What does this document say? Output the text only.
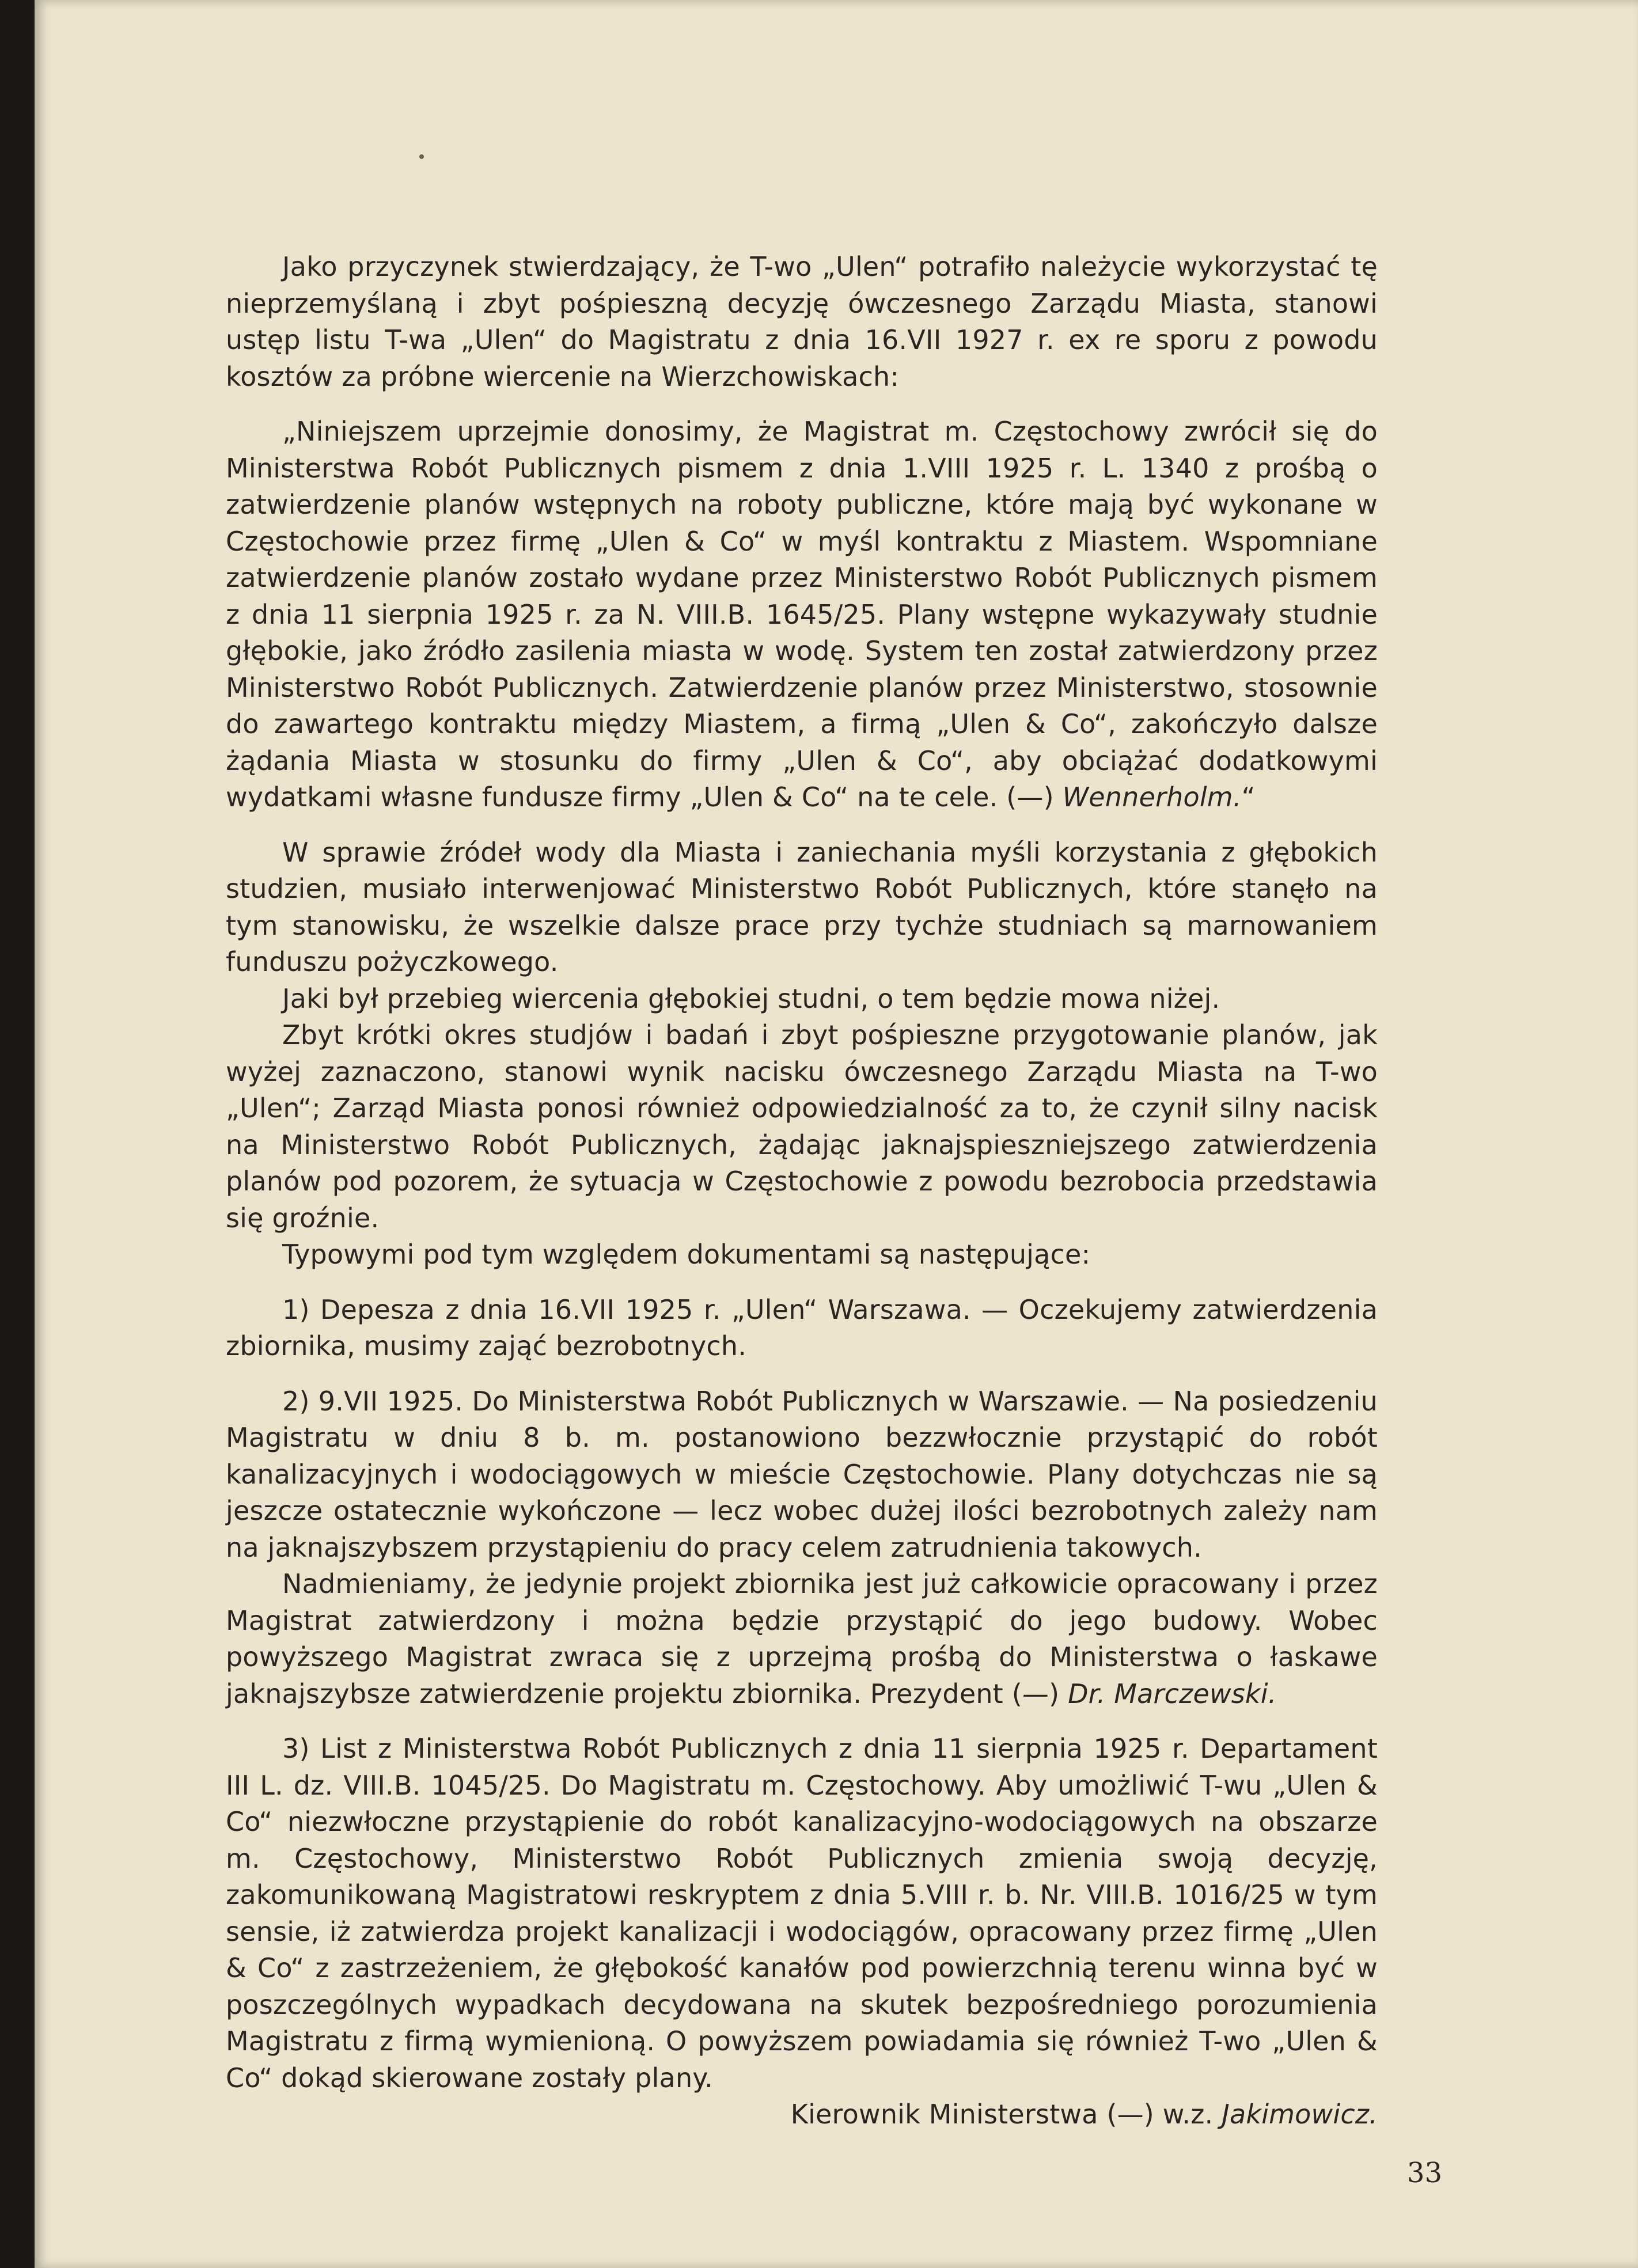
Jako przyczynek stwierdzający, że T-wo „Ulen“ potrafiło należycie wykorzystać tę nieprzemyślaną i zbyt pośpieszną decyzję ówczesnego Zarządu Miasta, stanowi ustęp listu T-wa „Ulen“ do Magistratu z dnia 16.VII 1927 r. ex re sporu z powodu kosztów za próbne wiercenie na Wierzchowiskach:

„Niniejszem uprzejmie donosimy, że Magistrat m. Częstochowy zwrócił się do Ministerstwa Robót Publicznych pismem z dnia 1.VIII 1925 r. L. 1340 z prośbą o zatwierdzenie planów wstępnych na roboty publiczne, które mają być wykonane w Częstochowie przez firmę „Ulen & Co“ w myśl kontraktu z Miastem. Wspomniane zatwierdzenie planów zostało wydane przez Ministerstwo Robót Publicznych pismem z dnia 11 sierpnia 1925 r. za N. VIII.B. 1645/25. Plany wstępne wykazywały studnie głębokie, jako źródło zasilenia miasta w wodę. System ten został zatwierdzony przez Ministerstwo Robót Publicznych. Zatwierdzenie planów przez Ministerstwo, stosownie do zawartego kontraktu między Miastem, a firmą „Ulen & Co“, zakończyło dalsze żądania Miasta w stosunku do firmy „Ulen & Co“, aby obciążać dodatkowymi wydatkami własne fundusze firmy „Ulen & Co“ na te cele. (—) Wennerholm.“

W sprawie źródeł wody dla Miasta i zaniechania myśli korzystania z głębokich studzien, musiało interwenjować Ministerstwo Robót Publicznych, które stanęło na tym stanowisku, że wszelkie dalsze prace przy tychże studniach są marnowaniem funduszu pożyczkowego.

Jaki był przebieg wiercenia głębokiej studni, o tem będzie mowa niżej.

Zbyt krótki okres studjów i badań i zbyt pośpieszne przygotowanie planów, jak wyżej zaznaczono, stanowi wynik nacisku ówczesnego Zarządu Miasta na T-wo „Ulen“; Zarząd Miasta ponosi również odpowiedzialność za to, że czynił silny nacisk na Ministerstwo Robót Publicznych, żądając jaknajspieszniejszego zatwierdzenia planów pod pozorem, że sytuacja w Częstochowie z powodu bezrobocia przedstawia się groźnie.

Typowymi pod tym względem dokumentami są następujące:

1) Depesza z dnia 16.VII 1925 r. „Ulen“ Warszawa. — Oczekujemy zatwierdzenia zbiornika, musimy zająć bezrobotnych.

2) 9.VII 1925. Do Ministerstwa Robót Publicznych w Warszawie. — Na posiedzeniu Magistratu w dniu 8 b. m. postanowiono bezzwłocznie przystąpić do robót kanalizacyjnych i wodociągowych w mieście Częstochowie. Plany dotychczas nie są jeszcze ostatecznie wykończone — lecz wobec dużej ilości bezrobotnych zależy nam na jaknajszybszem przystąpieniu do pracy celem zatrudnienia takowych.

Nadmieniamy, że jedynie projekt zbiornika jest już całkowicie opracowany i przez Magistrat zatwierdzony i można będzie przystąpić do jego budowy. Wobec powyższego Magistrat zwraca się z uprzejmą prośbą do Ministerstwa o łaskawe jaknajszybsze zatwierdzenie projektu zbiornika. Prezydent (—) Dr. Marczewski.

3) List z Ministerstwa Robót Publicznych z dnia 11 sierpnia 1925 r. Departament III L. dz. VIII.B. 1045/25. Do Magistratu m. Częstochowy. Aby umożliwić T-wu „Ulen & Co“ niezwłoczne przystąpienie do robót kanalizacyjno-wodociągowych na obszarze m. Częstochowy, Ministerstwo Robót Publicznych zmienia swoją decyzję, zakomunikowaną Magistratowi reskryptem z dnia 5.VIII r. b. Nr. VIII.B. 1016/25 w tym sensie, iż zatwierdza projekt kanalizacji i wodociągów, opracowany przez firmę „Ulen & Co“ z zastrzeżeniem, że głębokość kanałów pod powierzchnią terenu winna być w poszczególnych wypadkach decydowana na skutek bezpośredniego porozumienia Magistratu z firmą wymienioną. O powyższem powiadamia się również T-wo „Ulen & Co“ dokąd skierowane zostały plany.

Kierownik Ministerstwa (—) w.z. Jakimowicz.

33
